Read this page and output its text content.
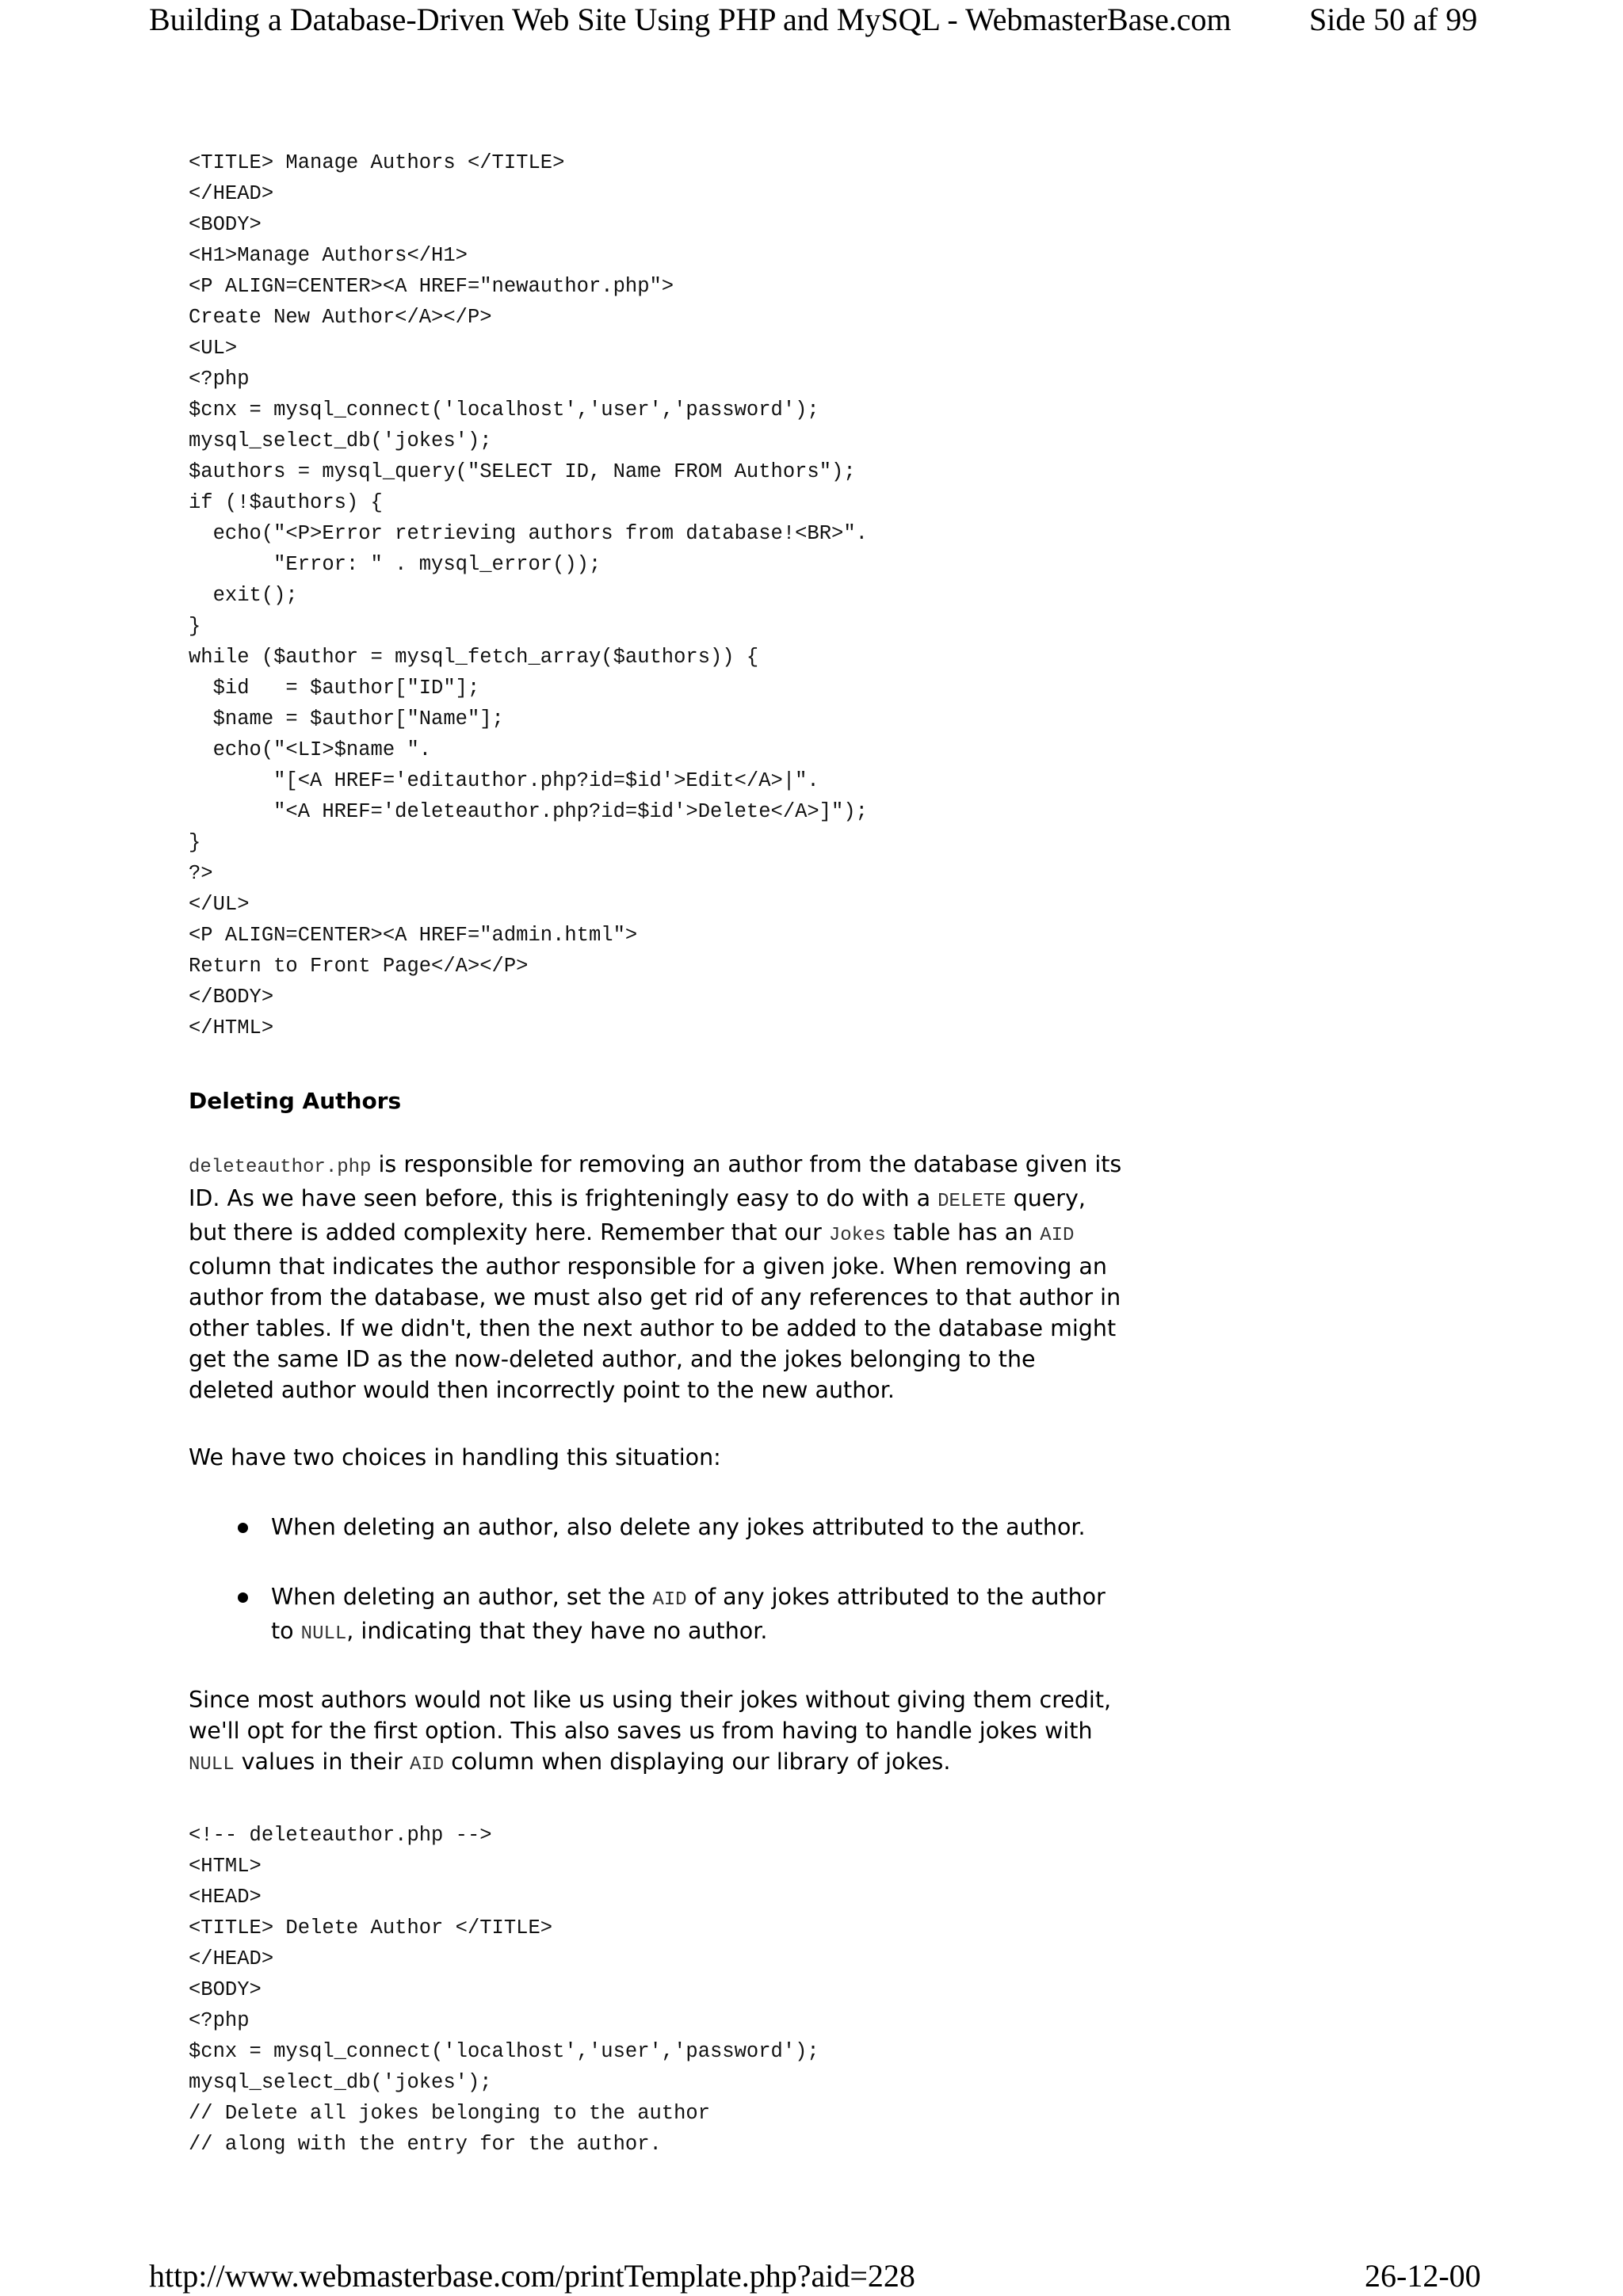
Building a Database-Driven Web Site Using PHP and MySQL - WebmasterBase.com Side 50 af 99
<TITLE> Manage Authors </TITLE>
</HEAD>
<BODY>
<H1>Manage Authors</H1>
<P ALIGN=CENTER><A HREF="newauthor.php">
Create New Author</A></P>
<UL>
<?php
$cnx = mysql_connect('localhost','user','password');
mysql_select_db('jokes');
$authors = mysql_query("SELECT ID, Name FROM Authors");
if (!$authors) {
echo("<P>Error retrieving authors from database!<BR>".
"Error: " . mysql_error());
exit();
}
while ($author = mysql_fetch_array($authors)) {
$id   = $author["ID"];
$name = $author["Name"];
echo("<LI>$name ".
"[<A HREF='editauthor.php?id=$id'>Edit</A>|".
"<A HREF='deleteauthor.php?id=$id'>Delete</A>]");
}
?>
</UL>
<P ALIGN=CENTER><A HREF="admin.html">
Return to Front Page</A></P>
</BODY>
</HTML>
Deleting Authors

deleteauthor.php is responsible for removing an author from the database given its ID. As we have seen before, this is frighteningly easy to do with a DELETE query, but there is added complexity here. Remember that our Jokes table has an AID column that indicates the author responsible for a given joke. When removing an author from the database, we must also get rid of any references to that author in other tables. If we didn't, then the next author to be added to the database might get the same ID as the now-deleted author, and the jokes belonging to the deleted author would then incorrectly point to the new author.

We have two choices in handling this situation:

When deleting an author, also delete any jokes attributed to the author.
When deleting an author, set the AID of any jokes attributed to the author to NULL, indicating that they have no author.

Since most authors would not like us using their jokes without giving them credit, we'll opt for the first option. This also saves us from having to handle jokes with NULL values in their AID column when displaying our library of jokes.

<!-- deleteauthor.php -->
<HTML>
<HEAD>
<TITLE> Delete Author </TITLE>
</HEAD>
<BODY>
<?php
$cnx = mysql_connect('localhost','user','password');
mysql_select_db('jokes');
// Delete all jokes belonging to the author
// along with the entry for the author.
http://www.webmasterbase.com/printTemplate.php?aid=228	26-12-00
